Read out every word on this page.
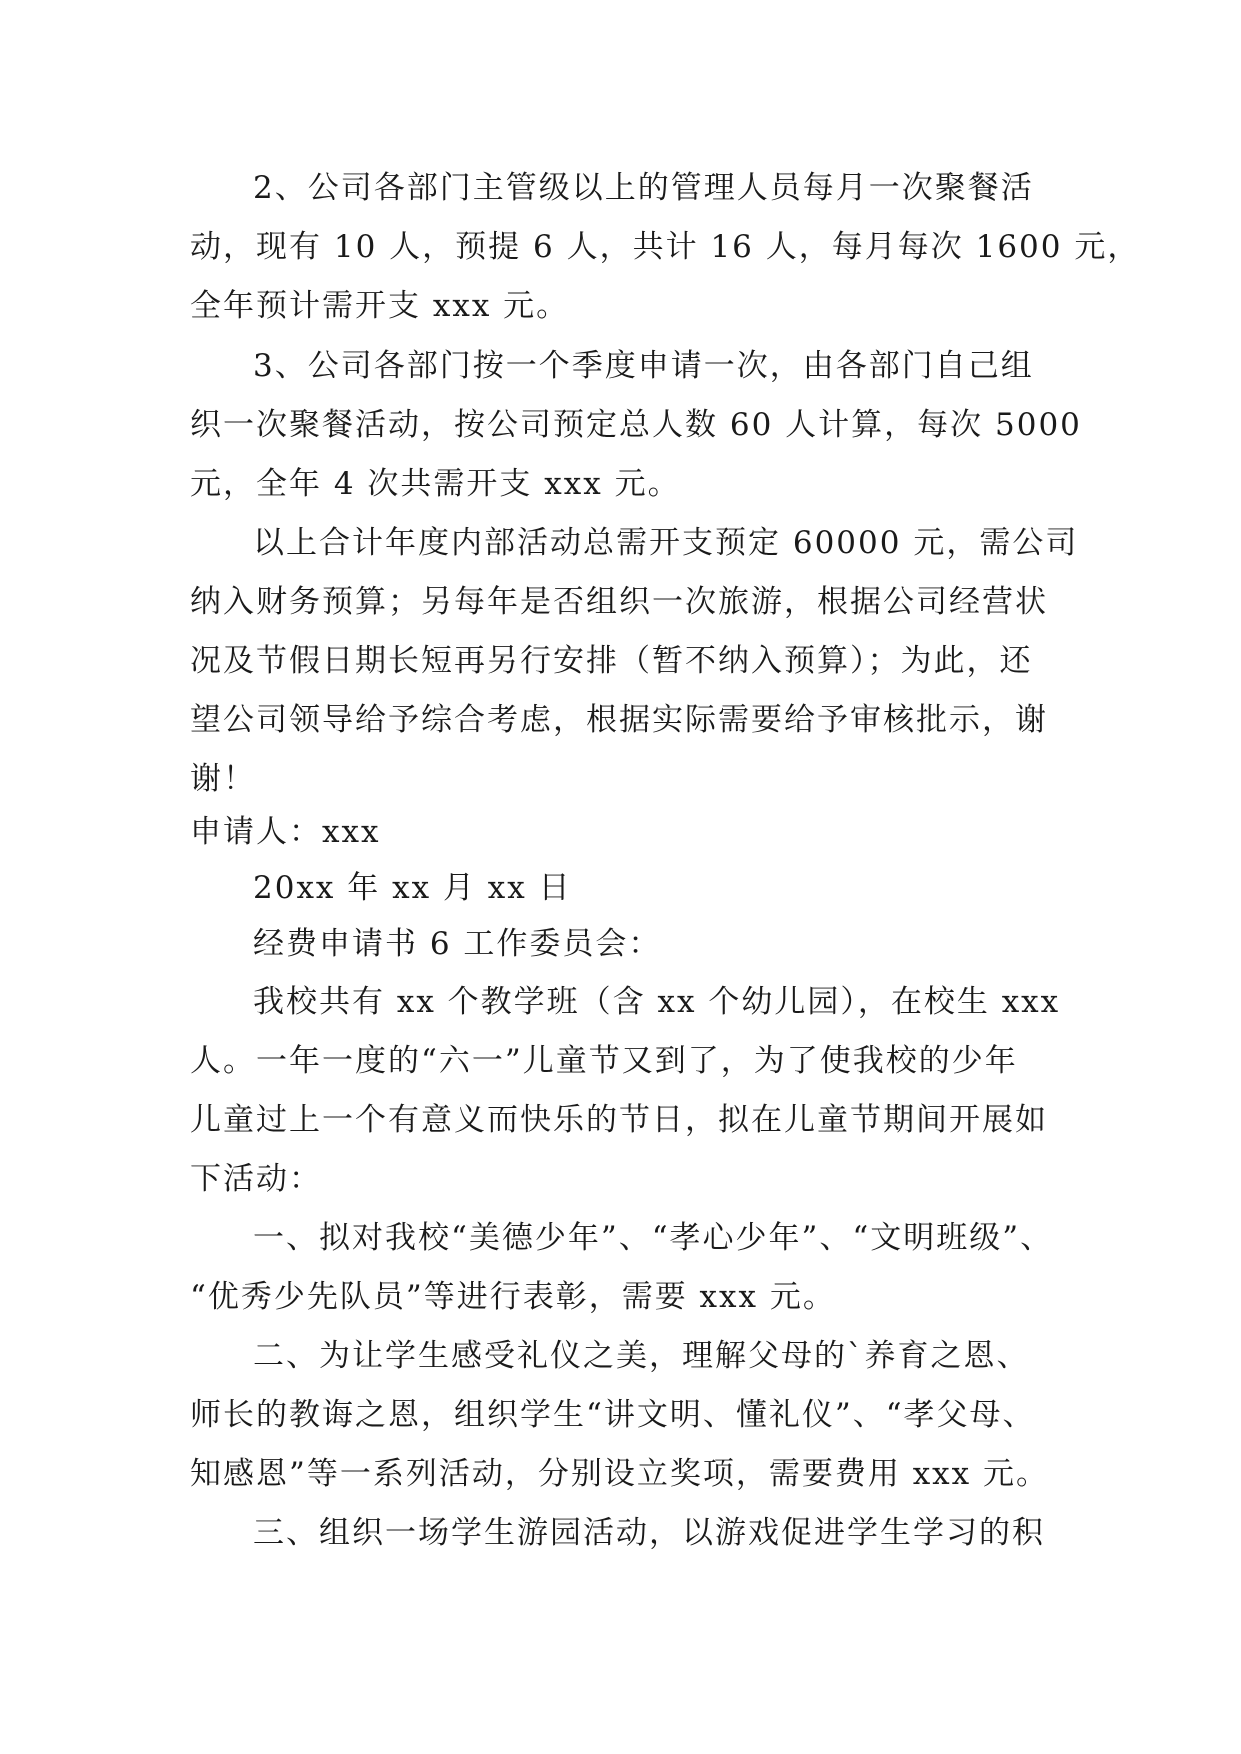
2、公司各部门主管级以上的管理人员每月一次聚餐活
动，现有 10 人，预提 6 人，共计 16 人，每月每次 1600 元，
全年预计需开支 xxx 元。
3、公司各部门按一个季度申请一次，由各部门自己组
织一次聚餐活动，按公司预定总人数 60 人计算，每次 5000
元，全年 4 次共需开支 xxx 元。
以上合计年度内部活动总需开支预定 60000 元，需公司
纳入财务预算；另每年是否组织一次旅游，根据公司经营状
况及节假日期长短再另行安排（暂不纳入预算）；为此，还
望公司领导给予综合考虑，根据实际需要给予审核批示，谢
谢！
申请人：xxx
20xx 年 xx 月 xx 日
经费申请书 6 工作委员会：
我校共有 xx 个教学班（含 xx 个幼儿园），在校生 xxx
人。一年一度的“六一”儿童节又到了，为了使我校的少年
儿童过上一个有意义而快乐的节日，拟在儿童节期间开展如
下活动：
一、拟对我校“美德少年”、“孝心少年”、“文明班级”、
“优秀少先队员”等进行表彰，需要 xxx 元。
二、为让学生感受礼仪之美，理解父母的`养育之恩、
师长的教诲之恩，组织学生“讲文明、懂礼仪”、“孝父母、
知感恩”等一系列活动，分别设立奖项，需要费用 xxx 元。
三、组织一场学生游园活动，以游戏促进学生学习的积
